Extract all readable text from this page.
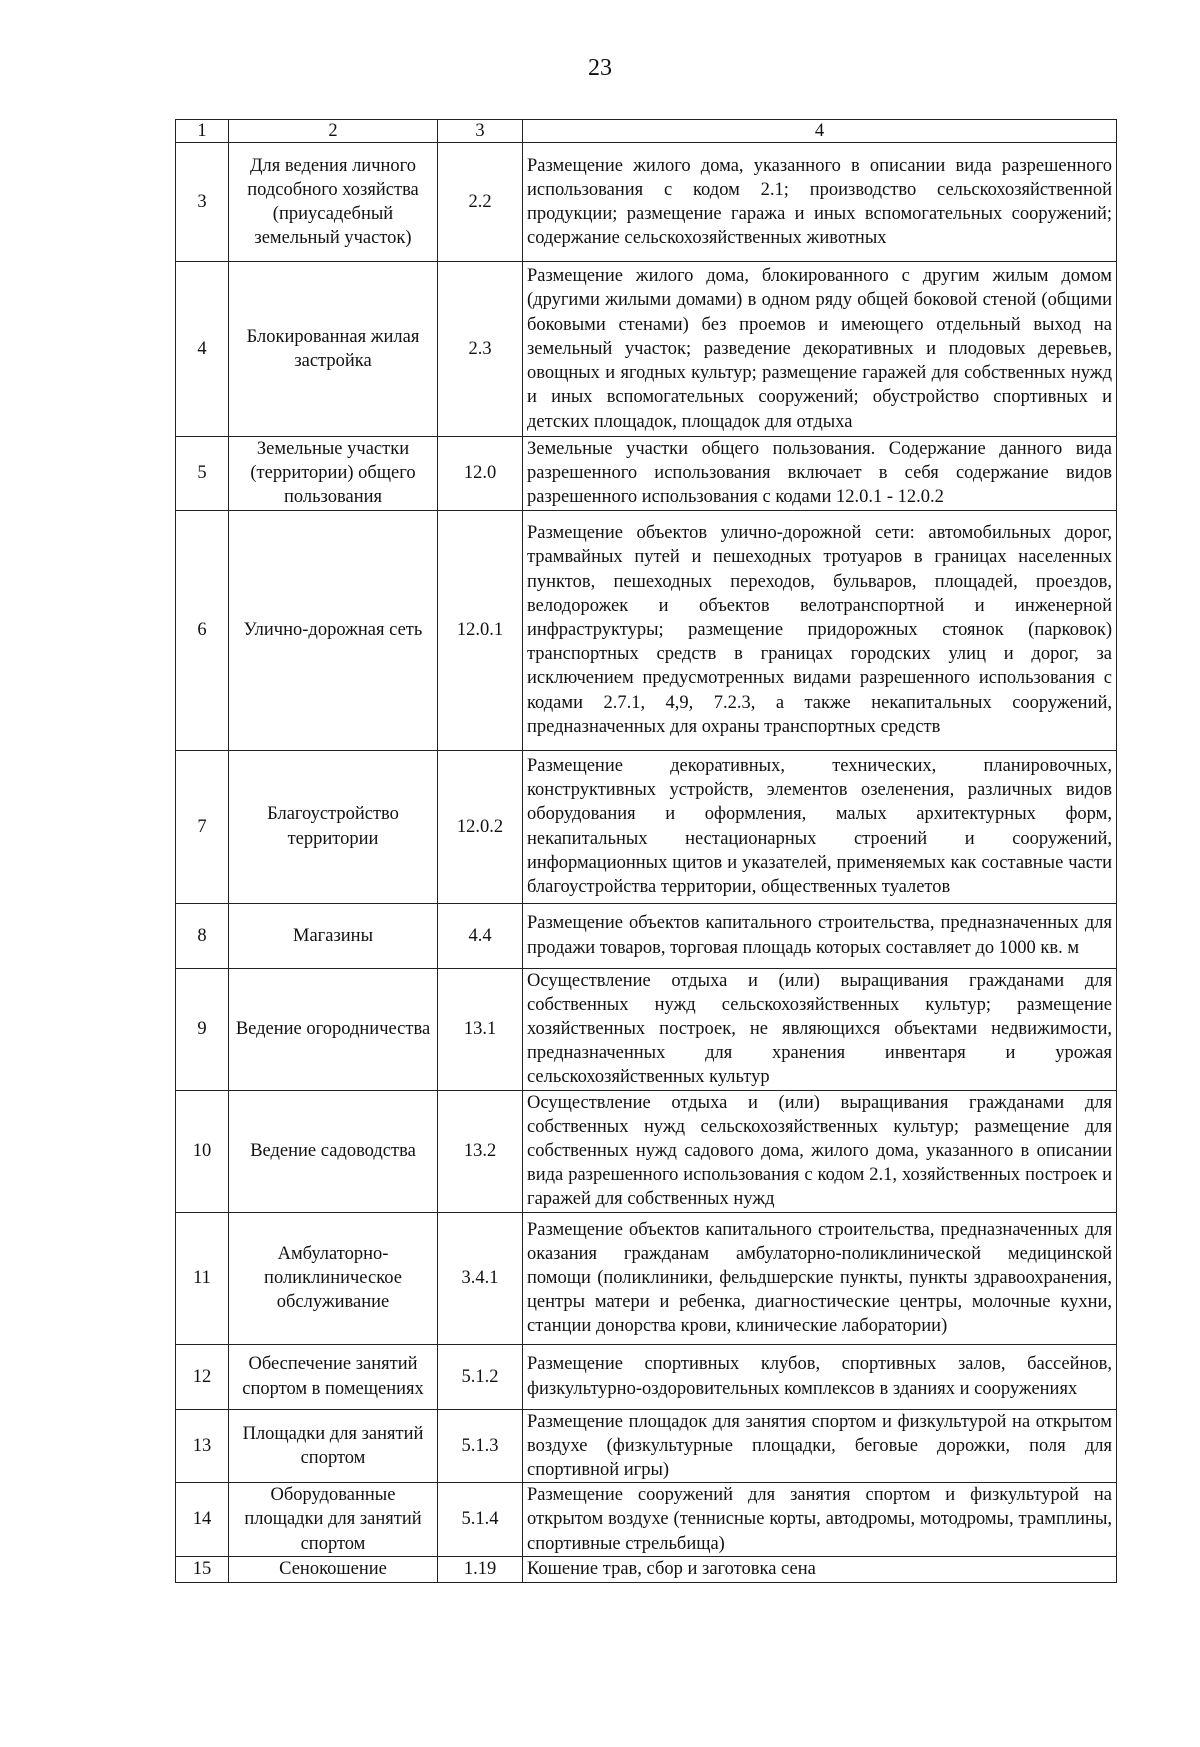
23
1	2	3	4
3	Для ведения личного подсобного хозяйства (приусадебный земельный участок)	2.2	Размещение жилого дома, указанного в описании вида разрешенного использования с кодом 2.1; производство сельскохозяйственной продукции; размещение гаража и иных вспомогательных сооружений; содержание сельскохозяйственных животных
4	Блокированная жилая застройка	2.3	Размещение жилого дома, блокированного с другим жилым домом (другими жилыми домами) в одном ряду общей боковой стеной (общими боковыми стенами) без проемов и имеющего отдельный выход на земельный участок; разведение декоративных и плодовых деревьев, овощных и ягодных культур; размещение гаражей для собственных нужд и иных вспомогательных сооружений; обустройство спортивных и детских площадок, площадок для отдыха
5	Земельные участки (территории) общего пользования	12.0	Земельные участки общего пользования. Содержание данного вида разрешенного использования включает в себя содержание видов разрешенного использования с кодами 12.0.1 - 12.0.2
6	Улично-дорожная сеть	12.0.1	Размещение объектов улично-дорожной сети: автомобильных дорог, трамвайных путей и пешеходных тротуаров в границах населенных пунктов, пешеходных переходов, бульваров, площадей, проездов, велодорожек и объектов велотранспортной и инженерной инфраструктуры; размещение придорожных стоянок (парковок) транспортных средств в границах городских улиц и дорог, за исключением предусмотренных видами разрешенного использования с кодами 2.7.1, 4,9, 7.2.3, а также некапитальных сооружений, предназначенных для охраны транспортных средств
7	Благоустройство территории	12.0.2	Размещение декоративных, технических, планировочных, конструктивных устройств, элементов озеленения, различных видов оборудования и оформления, малых архитектурных форм, некапитальных нестационарных строений и сооружений, информационных щитов и указателей, применяемых как составные части благоустройства территории, общественных туалетов
8	Магазины	4.4	Размещение объектов капитального строительства, предназначенных для продажи товаров, торговая площадь которых составляет до 1000 кв. м
9	Ведение огородничества	13.1	Осуществление отдыха и (или) выращивания гражданами для собственных нужд сельскохозяйственных культур; размещение хозяйственных построек, не являющихся объектами недвижимости, предназначенных для хранения инвентаря и урожая сельскохозяйственных культур
10	Ведение садоводства	13.2	Осуществление отдыха и (или) выращивания гражданами для собственных нужд сельскохозяйственных культур; размещение для собственных нужд садового дома, жилого дома, указанного в описании вида разрешенного использования с кодом 2.1, хозяйственных построек и гаражей для собственных нужд
11	Амбулаторно-поликлиническое обслуживание	3.4.1	Размещение объектов капитального строительства, предназначенных для оказания гражданам амбулаторно-поликлинической медицинской помощи (поликлиники, фельдшерские пункты, пункты здравоохранения, центры матери и ребенка, диагностические центры, молочные кухни, станции донорства крови, клинические лаборатории)
12	Обеспечение занятий спортом в помещениях	5.1.2	Размещение спортивных клубов, спортивных залов, бассейнов, физкультурно-оздоровительных комплексов в зданиях и сооружениях
13	Площадки для занятий спортом	5.1.3	Размещение площадок для занятия спортом и физкультурой на открытом воздухе (физкультурные площадки, беговые дорожки, поля для спортивной игры)
14	Оборудованные площадки для занятий спортом	5.1.4	Размещение сооружений для занятия спортом и физкультурой на открытом воздухе (теннисные корты, автодромы, мотодромы, трамплины, спортивные стрельбища)
15	Сенокошение	1.19	Кошение трав, сбор и заготовка сена
